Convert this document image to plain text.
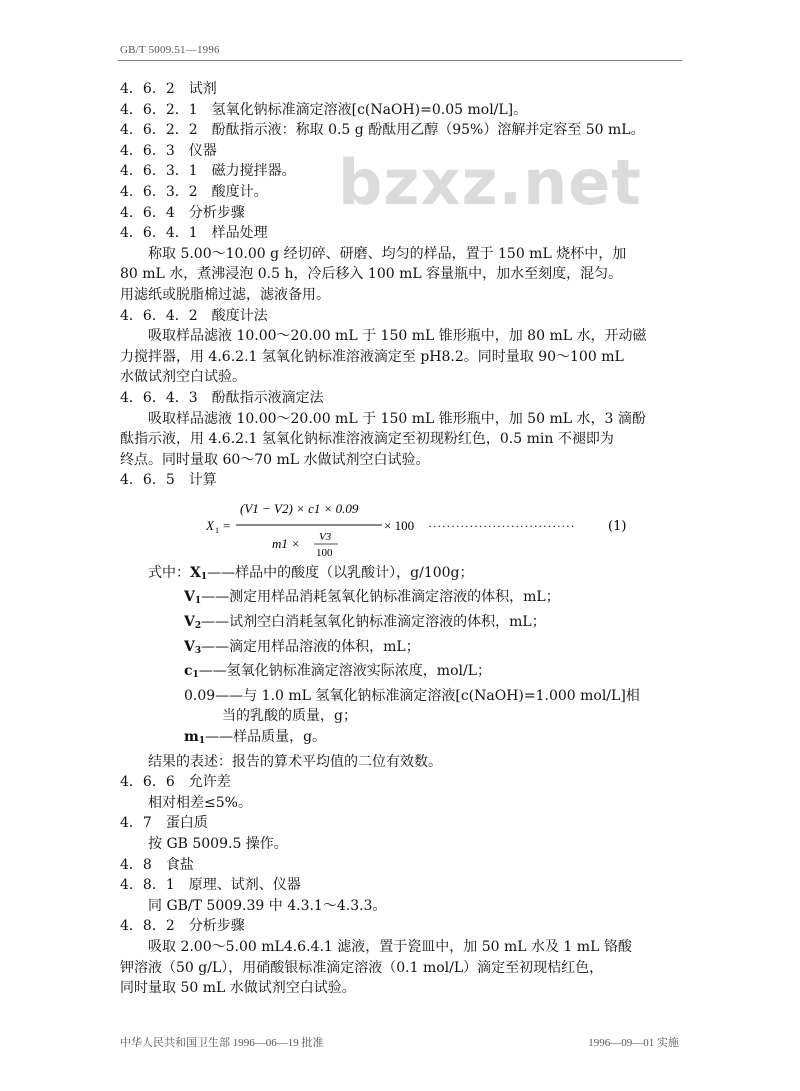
GB/T 5009.51—1996
bzxz.net
4．6．2　试剂
4．6．2．1　氢氧化钠标准滴定溶液[c(NaOH)=0.05 mol/L]。
4．6．2．2　酚酞指示液：称取 0.5 g 酚酞用乙醇（95%）溶解并定容至 50 mL。
4．6．3　仪器
4．6．3．1　磁力搅拌器。
4．6．3．2　酸度计。
4．6．4　分析步骤
4．6．4．1　样品处理
称取 5.00～10.00 g 经切碎、研磨、均匀的样品，置于 150 mL 烧杯中，加
80 mL 水，煮沸浸泡 0.5 h，冷后移入 100 mL 容量瓶中，加水至刻度，混匀。
用滤纸或脱脂棉过滤，滤液备用。
4．6．4．2　酸度计法
吸取样品滤液 10.00～20.00 mL 于 150 mL 锥形瓶中，加 80 mL 水，开动磁
力搅拌器，用 4.6.2.1 氢氧化钠标准溶液滴定至 pH8.2。同时量取 90～100 mL
水做试剂空白试验。
4．6．4．3　酚酞指示液滴定法
吸取样品滤液 10.00～20.00 mL 于 150 mL 锥形瓶中，加 50 mL 水，3 滴酚
酞指示液，用 4.6.2.1 氢氧化钠标准溶液滴定至初现粉红色，0.5 min 不褪即为
终点。同时量取 60～70 mL 水做试剂空白试验。
4．6．5　计算
X 1 =
(V1 − V2) × c1 × 0.09
m1 × V3
100
× 100 ································	(1)
式中：$X_1——$样品中的酸度（以乳酸计），g/100g；
$V_1——$测定用样品消耗氢氧化钠标准滴定溶液的体积，mL；
$V_2——$试剂空白消耗氢氧化钠标准滴定溶液的体积，mL；
$V_3——$滴定用样品溶液的体积，mL；
$c_1——$氢氧化钠标准滴定溶液实际浓度，mol/L；
0.09——与 1.0 mL 氢氧化钠标准滴定溶液[c(NaOH)=1.000 mol/L]相
当的乳酸的质量，g；
$m_1——$样品质量，g。
结果的表述：报告的算术平均值的二位有效数。
4．6．6　允许差
相对相差≤5%。
4．7　蛋白质
按 GB 5009.5 操作。
4．8　食盐
4．8．1　原理、试剂、仪器
同 GB/T 5009.39 中 4.3.1～4.3.3。
4．8．2　分析步骤
吸取 2.00～5.00 mL4.6.4.1 滤液，置于瓷皿中，加 50 mL 水及 1 mL 铬酸
钾溶液（50 g/L），用硝酸银标准滴定溶液（0.1 mol/L）滴定至初现桔红色，
同时量取 50 mL 水做试剂空白试验。
中华人民共和国卫生部 1996—06—19 批准	1996—09—01 实施
